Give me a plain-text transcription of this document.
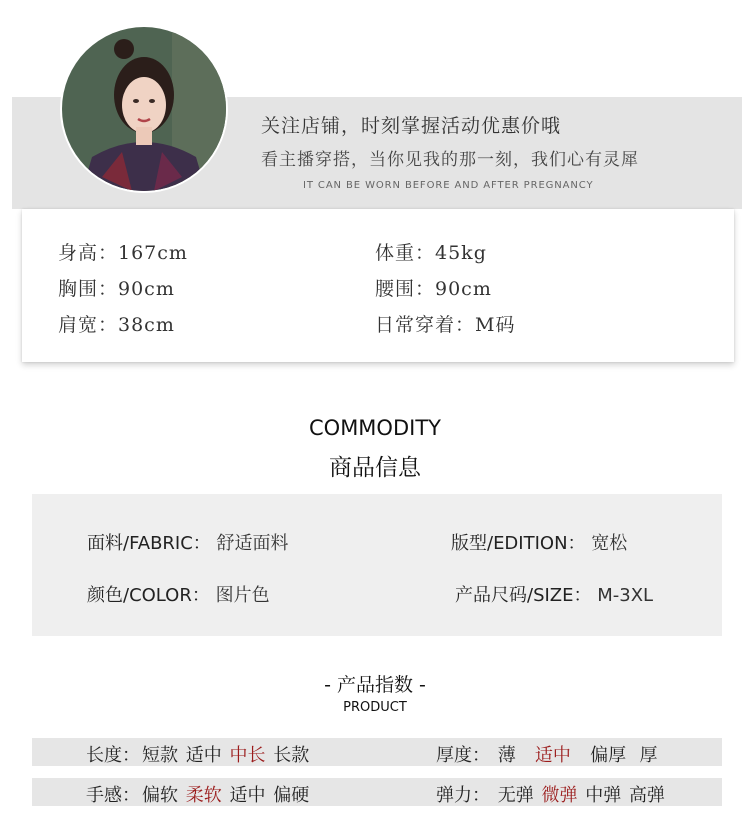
关注店铺，时刻掌握活动优惠价哦
看主播穿搭，当你见我的那一刻，我们心有灵犀
IT CAN BE WORN BEFORE AND AFTER PREGNANCY
身高：167cm	体重：45kg
胸围：90cm	腰围：90cm
肩宽：38cm	日常穿着：M码
COMMODITY
商品信息
面料/FABRIC： 舒适面料	版型/EDITION： 宽松
颜色/COLOR： 图片色	产品尺码/SIZE： M-3XL
- 产品指数 -
PRODUCT
长度： 短款 适中 中长 长款	厚度： 薄 适中 偏厚 厚
手感： 偏软 柔软 适中 偏硬	弹力： 无弹 微弹 中弹 高弹
